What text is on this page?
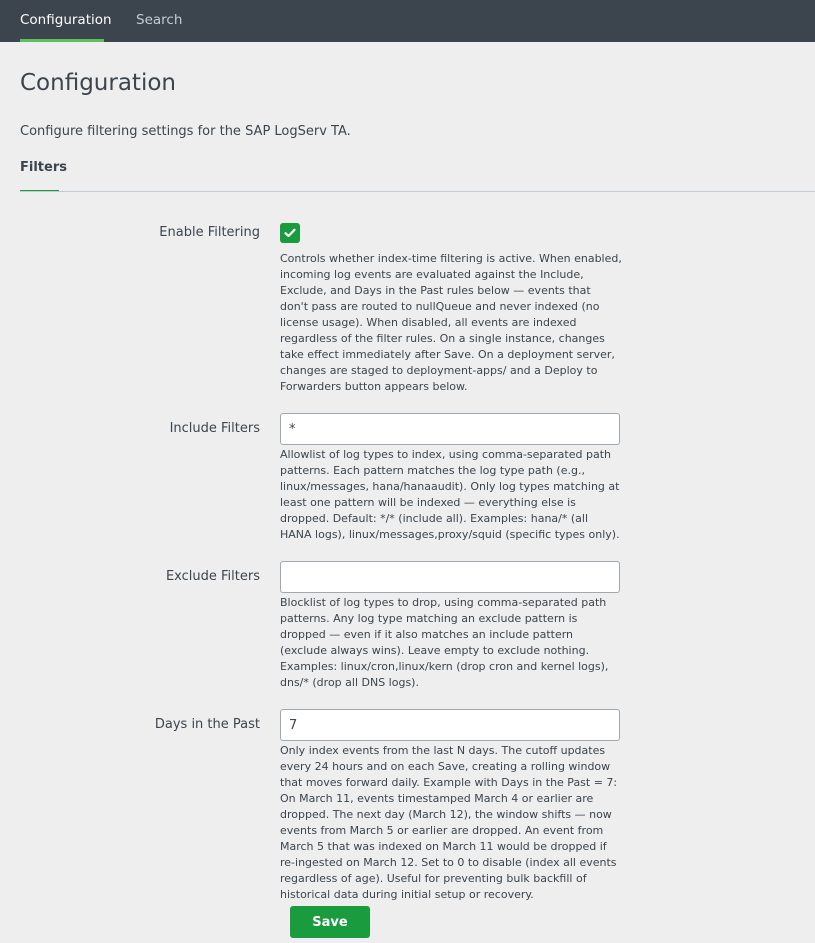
Configuration Search
Configuration
Configure filtering settings for the SAP LogServ TA.
Filters
Enable Filtering
Controls whether index-time filtering is active. When enabled, incoming log events are evaluated against the Include, Exclude, and Days in the Past rules below — events that don't pass are routed to nullQueue and never indexed (no license usage). When disabled, all events are indexed regardless of the filter rules. On a single instance, changes take effect immediately after Save. On a deployment server, changes are staged to deployment-apps/ and a Deploy to Forwarders button appears below.
Include Filters
*
Allowlist of log types to index, using comma-separated path patterns. Each pattern matches the log type path (e.g., linux/messages, hana/hanaaudit). Only log types matching at least one pattern will be indexed — everything else is dropped. Default: */* (include all). Examples: hana/* (all HANA logs), linux/messages,proxy/squid (specific types only).
Exclude Filters
Blocklist of log types to drop, using comma-separated path patterns. Any log type matching an exclude pattern is dropped — even if it also matches an include pattern (exclude always wins). Leave empty to exclude nothing. Examples: linux/cron,linux/kern (drop cron and kernel logs), dns/* (drop all DNS logs).
Days in the Past
7
Only index events from the last N days. The cutoff updates every 24 hours and on each Save, creating a rolling window that moves forward daily. Example with Days in the Past = 7: On March 11, events timestamped March 4 or earlier are dropped. The next day (March 12), the window shifts — now events from March 5 or earlier are dropped. An event from March 5 that was indexed on March 11 would be dropped if re-ingested on March 12. Set to 0 to disable (index all events regardless of age). Useful for preventing bulk backfill of historical data during initial setup or recovery.
Save
